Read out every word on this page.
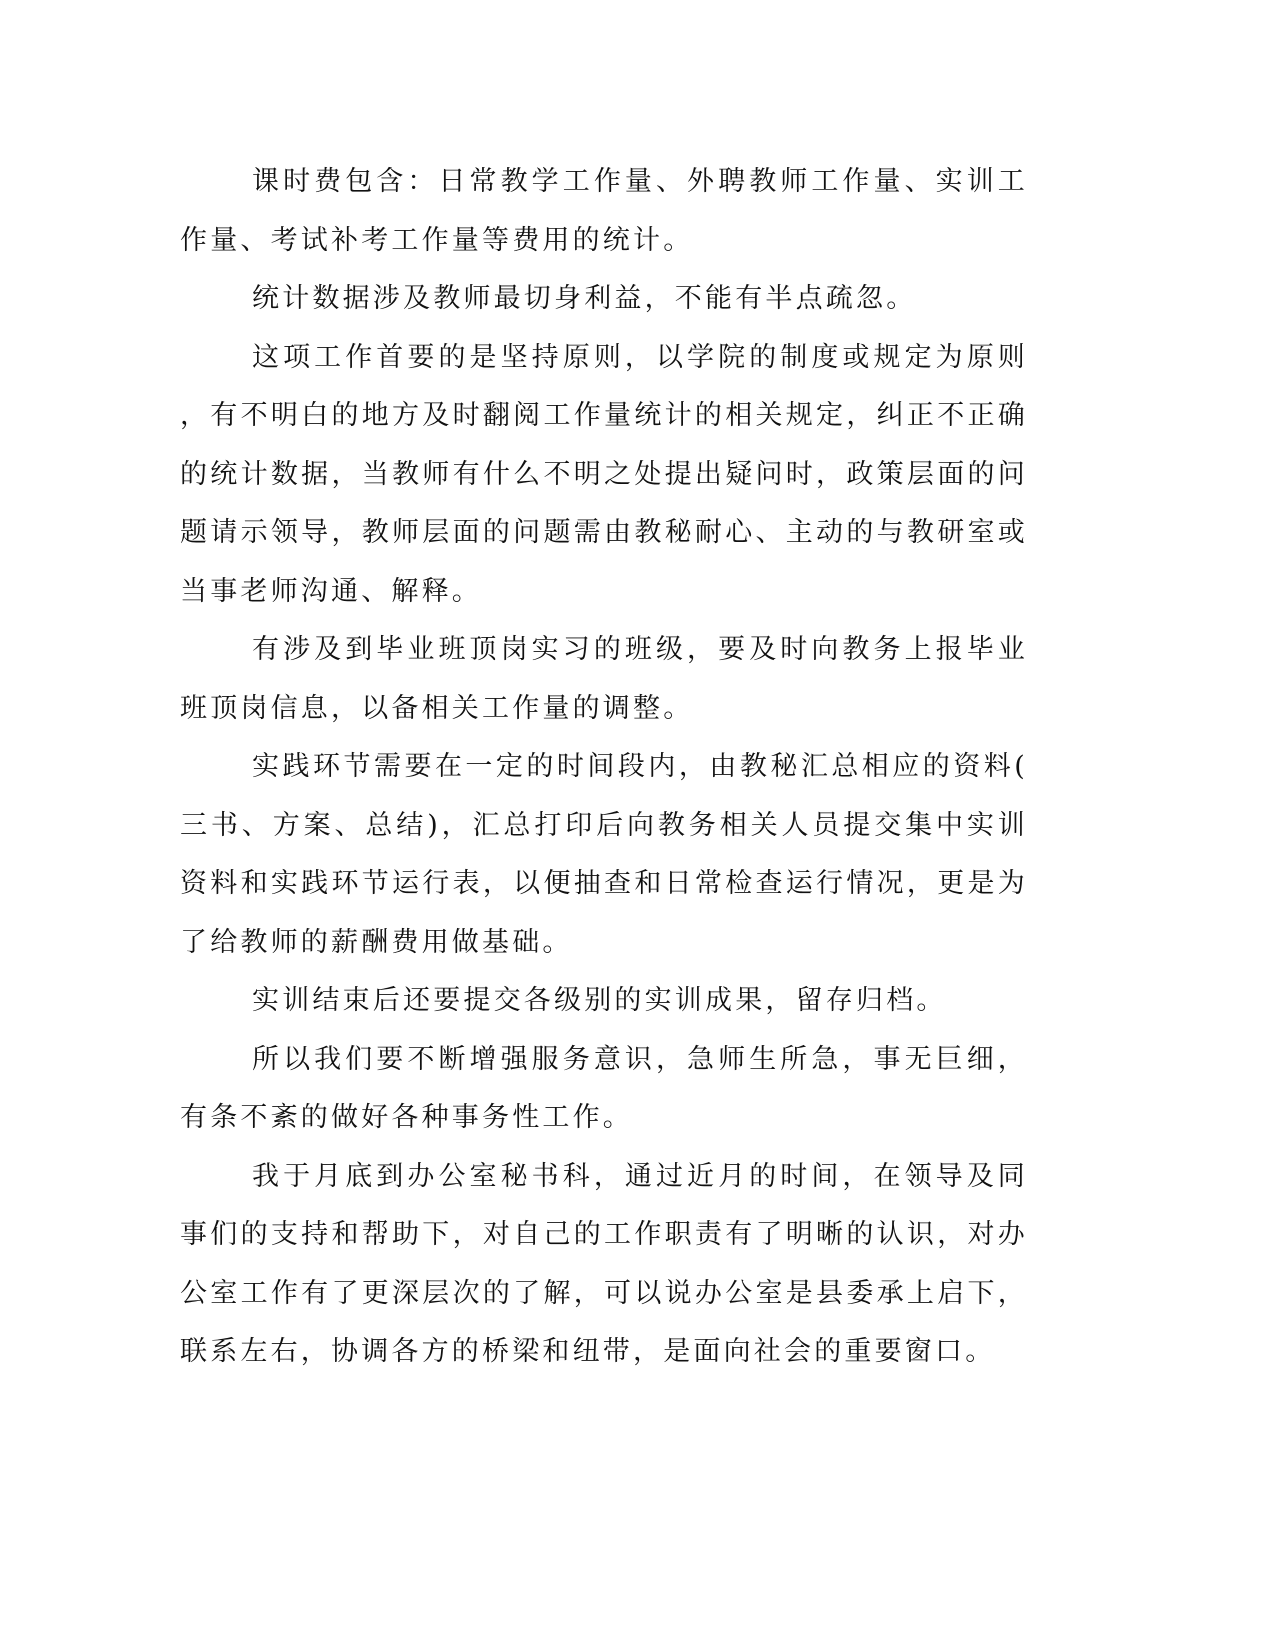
课时费包含：日常教学工作量、外聘教师工作量、实训工作量、考试补考工作量等费用的统计。

统计数据涉及教师最切身利益，不能有半点疏忽。

这项工作首要的是坚持原则，以学院的制度或规定为原则，有不明白的地方及时翻阅工作量统计的相关规定，纠正不正确的统计数据，当教师有什么不明之处提出疑问时，政策层面的问题请示领导，教师层面的问题需由教秘耐心、主动的与教研室或当事老师沟通、解释。

有涉及到毕业班顶岗实习的班级，要及时向教务上报毕业班顶岗信息，以备相关工作量的调整。

实践环节需要在一定的时间段内，由教秘汇总相应的资料(三书、方案、总结)，汇总打印后向教务相关人员提交集中实训资料和实践环节运行表，以便抽查和日常检查运行情况，更是为了给教师的薪酬费用做基础。

实训结束后还要提交各级别的实训成果，留存归档。

所以我们要不断增强服务意识，急师生所急，事无巨细，有条不紊的做好各种事务性工作。

我于月底到办公室秘书科，通过近月的时间，在领导及同事们的支持和帮助下，对自己的工作职责有了明晰的认识，对办公室工作有了更深层次的了解，可以说办公室是县委承上启下，联系左右，协调各方的桥梁和纽带，是面向社会的重要窗口。
